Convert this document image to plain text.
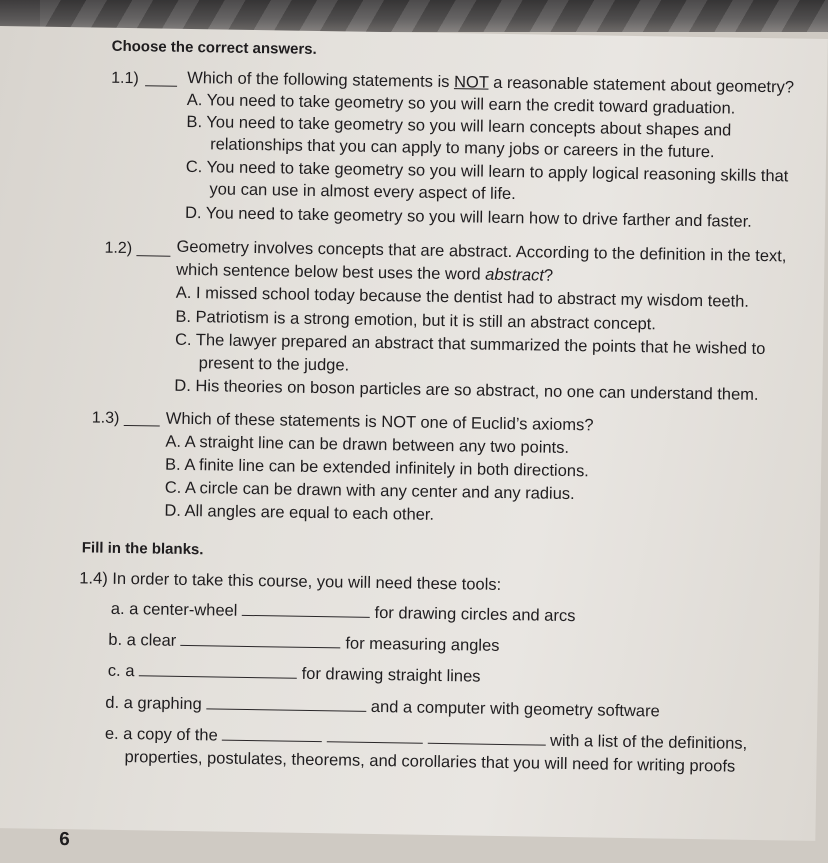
Choose the correct answers.
1.1)	Which of the following statements is NOT a reasonable statement about geometry?
A. You need to take geometry so you will earn the credit toward graduation.
B. You need to take geometry so you will learn concepts about shapes and
relationships that you can apply to many jobs or careers in the future.
C. You need to take geometry so you will learn to apply logical reasoning skills that
you can use in almost every aspect of life.
D. You need to take geometry so you will learn how to drive farther and faster.
1.2)	Geometry involves concepts that are abstract. According to the definition in the text,
which sentence below best uses the word abstract?
A. I missed school today because the dentist had to abstract my wisdom teeth.
B. Patriotism is a strong emotion, but it is still an abstract concept.
C. The lawyer prepared an abstract that summarized the points that he wished to
present to the judge.
D. His theories on boson particles are so abstract, no one can understand them.
1.3)	Which of these statements is NOT one of Euclid’s axioms?
A. A straight line can be drawn between any two points.
B. A finite line can be extended infinitely in both directions.
C. A circle can be drawn with any center and any radius.
D. All angles are equal to each other.
Fill in the blanks.
1.4) In order to take this course, you will need these tools:
a. a center-wheel	for drawing circles and arcs
b. a clear	for measuring angles
c. a	for drawing straight lines
d. a graphing	and a computer with geometry software
e. a copy of the	with a list of the definitions,
properties, postulates, theorems, and corollaries that you will need for writing proofs
6
